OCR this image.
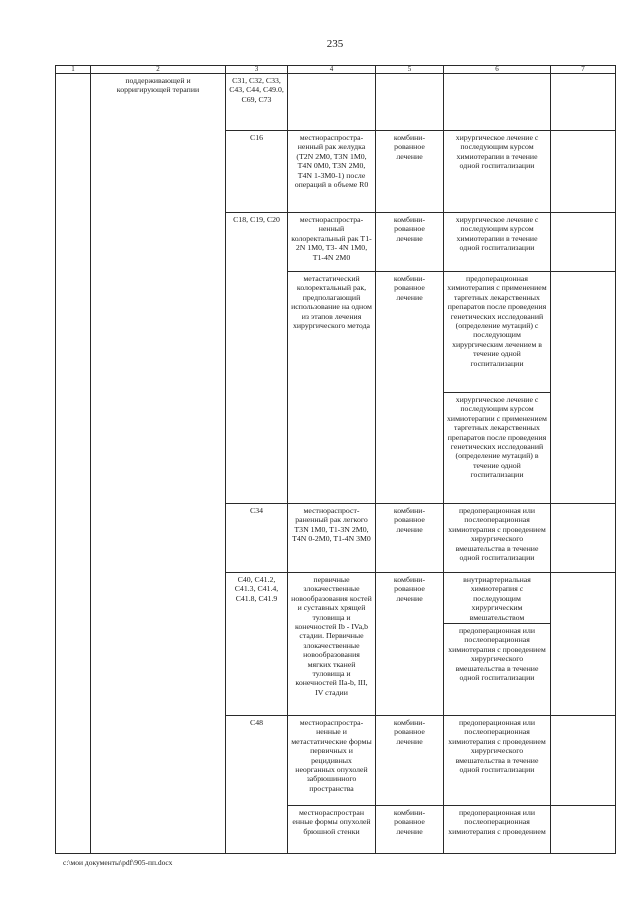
235
1	2	3	4	5	6	7
	поддерживающей и корригирующей терапии	C31, C32, C33, C43, C44, C49.0, C69, C73				
		C16	местнораспростра-ненный рак желудка (T2N 2M0, T3N 1M0, T4N 0M0, T3N 2M0, T4N 1-3M0-1) после операций в объеме R0	комбини-рованное лечение	хирургическое лечение с последующим курсом химиотерапии в течение одной госпитализации	
		C18, C19, C20	местнораспростра-ненный колоректальный рак T1-2N 1M0, T3- 4N 1M0, T1-4N 2M0	комбини-рованное лечение	хирургическое лечение с последующим курсом химиотерапии в течение одной госпитализации	
			метастатический колоректальный рак, предполагающий использование на одном из этапов лечения хирургического метода	комбини-рованное лечение	предоперационная химиотерапия с применением таргетных лекарственных препаратов после проведения генетических исследований (определение мутаций) с последующим хирургическим лечением в течение одной госпитализации	
					хирургическое лечение с последующим курсом химиотерапии с применением таргетных лекарственных препаратов после проведения генетических исследований (определение мутаций) в течение одной госпитализации	
		C34	местнораспрост-раненный рак легкого T3N 1M0, T1-3N 2M0, T4N 0-2M0, T1-4N 3M0	комбини-рованное лечение	предоперационная или послеоперационная химиотерапия с проведением хирургического вмешательства в течение одной госпитализации	
		C40, C41.2, C41.3, C41.4, C41.8, C41.9	первичные злокачественные новообразования костей и суставных хрящей туловища и конечностей Ib - IVa,b стадии. Первичные злокачественные новообразования мягких тканей туловища и конечностей IIa-b, III, IV стадии	комбини-рованное лечение	внутриартериальная химиотерапия с последующим хирургическим вмешательством	
					предоперационная или послеоперационная химиотерапия с проведением хирургического вмешательства в течение одной госпитализации	
		C48	местнораспростра-ненные и метастатические формы первичных и рецидивных неорганных опухолей забрюшинного пространства	комбини-рованное лечение	предоперационная или послеоперационная химиотерапия с проведением хирургического вмешательства в течение одной госпитализации	
			местнораспростран енные формы опухолей брюшной стенки	комбини-рованное лечение	предоперационная или послеоперационная химиотерапия с проведением	
c:\мои документы\pdf\905-пп.docx
